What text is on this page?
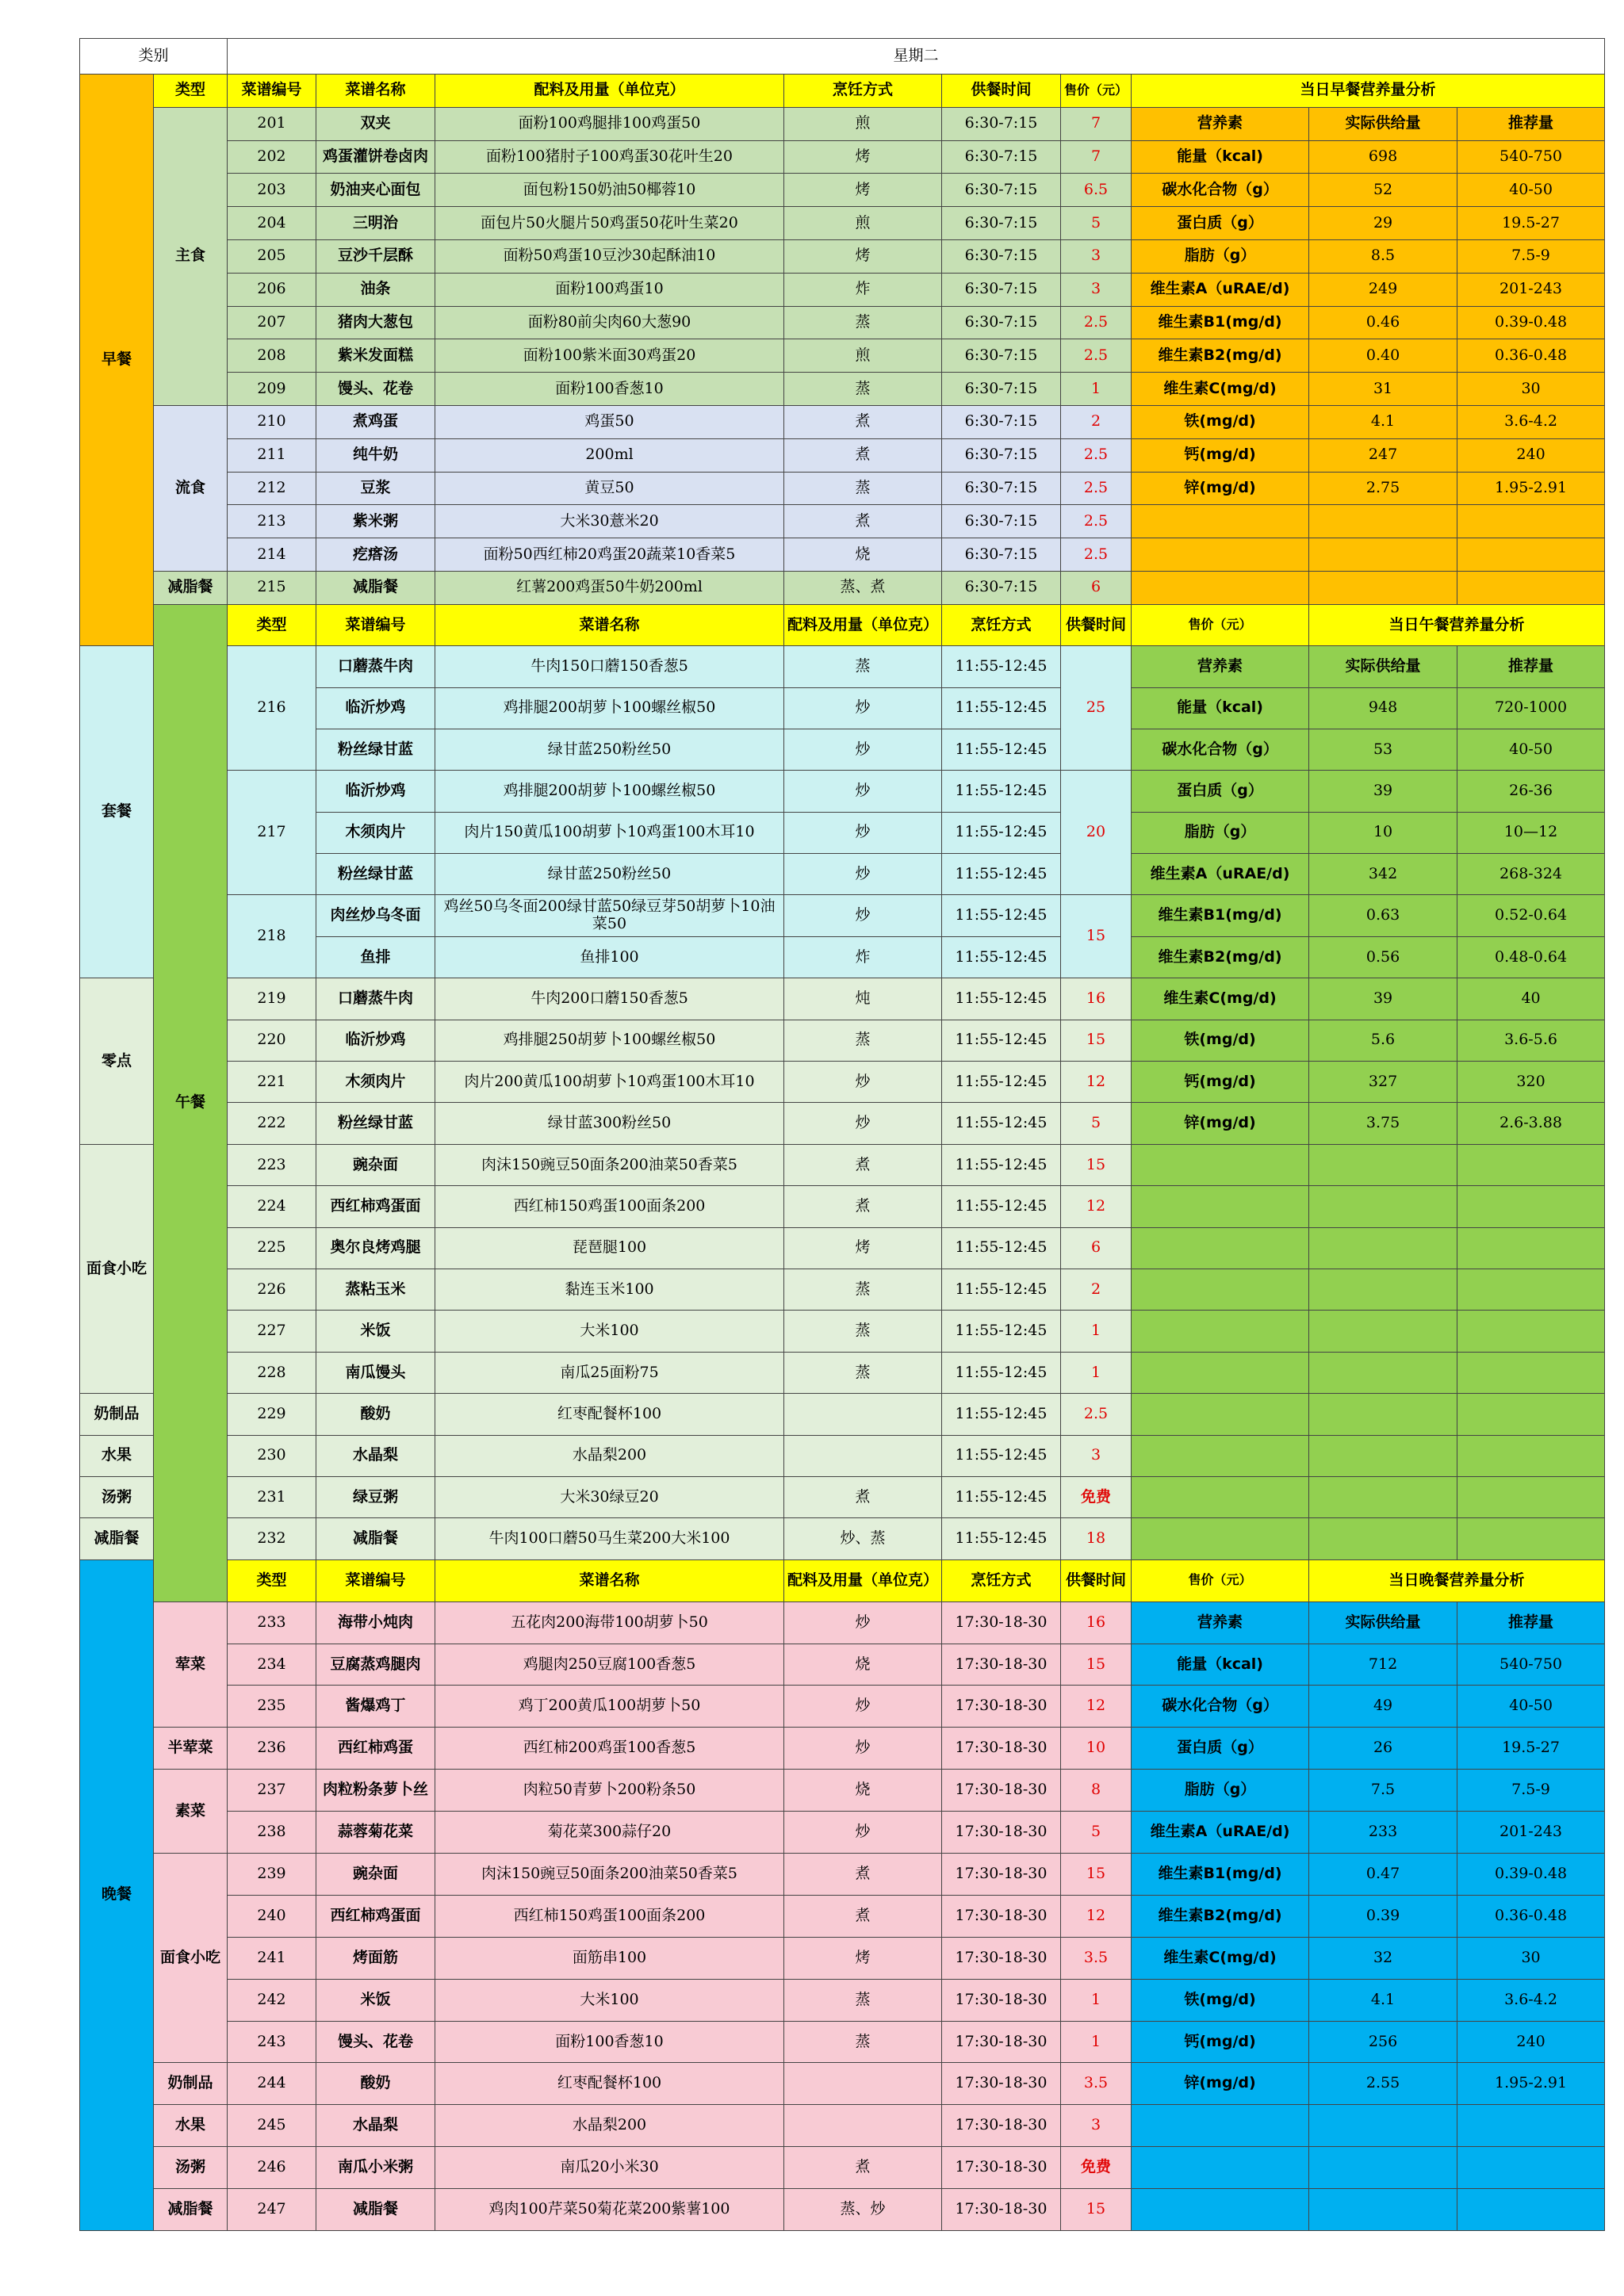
类别		星期二								
早餐	类型	菜谱编号	菜谱名称	配料及用量（单位克）	烹饪方式	供餐时间	售价（元）	当日早餐营养量分析		
	主食	201	双夹	面粉100鸡腿排100鸡蛋50	煎	6:30-7:15	7	营养素	实际供给量	推荐量
		202	鸡蛋灌饼卷卤肉	面粉100猪肘子100鸡蛋30花叶生20	烤	6:30-7:15	7	能量（kcal)	698	540-750
		203	奶油夹心面包	面包粉150奶油50椰蓉10	烤	6:30-7:15	6.5	碳水化合物（g）	52	40-50
		204	三明治	面包片50火腿片50鸡蛋50花叶生菜20	煎	6:30-7:15	5	蛋白质（g）	29	19.5-27
		205	豆沙千层酥	面粉50鸡蛋10豆沙30起酥油10	烤	6:30-7:15	3	脂肪（g）	8.5	7.5-9
		206	油条	面粉100鸡蛋10	炸	6:30-7:15	3	维生素A（uRAE/d)	249	201-243
		207	猪肉大葱包	面粉80前尖肉60大葱90	蒸	6:30-7:15	2.5	维生素B1(mg/d)	0.46	0.39-0.48
		208	紫米发面糕	面粉100紫米面30鸡蛋20	煎	6:30-7:15	2.5	维生素B2(mg/d)	0.40	0.36-0.48
		209	馒头、花卷	面粉100香葱10	蒸	6:30-7:15	1	维生素C(mg/d)	31	30
	流食	210	煮鸡蛋	鸡蛋50	煮	6:30-7:15	2	铁(mg/d)	4.1	3.6-4.2
		211	纯牛奶	200ml	煮	6:30-7:15	2.5	钙(mg/d)	247	240
		212	豆浆	黄豆50	蒸	6:30-7:15	2.5	锌(mg/d)	2.75	1.95-2.91
		213	紫米粥	大米30薏米20	煮	6:30-7:15	2.5			
		214	疙瘩汤	面粉50西红柿20鸡蛋20蔬菜10香菜5	烧	6:30-7:15	2.5			
	减脂餐	215	减脂餐	红薯200鸡蛋50牛奶200ml	蒸、煮	6:30-7:15	6			
	午餐	类型	菜谱编号	菜谱名称	配料及用量（单位克）	烹饪方式	供餐时间	售价（元）	当日午餐营养量分析	
套餐		216	口蘑蒸牛肉	牛肉150口蘑150香葱5	蒸	11:55-12:45	25	营养素	实际供给量	推荐量
			临沂炒鸡	鸡排腿200胡萝卜100螺丝椒50	炒	11:55-12:45		能量（kcal)	948	720-1000
			粉丝绿甘蓝	绿甘蓝250粉丝50	炒	11:55-12:45		碳水化合物（g）	53	40-50
		217	临沂炒鸡	鸡排腿200胡萝卜100螺丝椒50	炒	11:55-12:45	20	蛋白质（g）	39	26-36
			木须肉片	肉片150黄瓜100胡萝卜10鸡蛋100木耳10	炒	11:55-12:45		脂肪（g）	10	10—12
			粉丝绿甘蓝	绿甘蓝250粉丝50	炒	11:55-12:45		维生素A（uRAE/d)	342	268-324
		218	肉丝炒乌冬面	鸡丝50乌冬面200绿甘蓝50绿豆芽50胡萝卜10油菜50	炒	11:55-12:45	15	维生素B1(mg/d)	0.63	0.52-0.64
			鱼排	鱼排100	炸	11:55-12:45		维生素B2(mg/d)	0.56	0.48-0.64
零点		219	口蘑蒸牛肉	牛肉200口蘑150香葱5	炖	11:55-12:45	16	维生素C(mg/d)	39	40
		220	临沂炒鸡	鸡排腿250胡萝卜100螺丝椒50	蒸	11:55-12:45	15	铁(mg/d)	5.6	3.6-5.6
		221	木须肉片	肉片200黄瓜100胡萝卜10鸡蛋100木耳10	炒	11:55-12:45	12	钙(mg/d)	327	320
		222	粉丝绿甘蓝	绿甘蓝300粉丝50	炒	11:55-12:45	5	锌(mg/d)	3.75	2.6-3.88
面食小吃		223	豌杂面	肉沫150豌豆50面条200油菜50香菜5	煮	11:55-12:45	15			
		224	西红柿鸡蛋面	西红柿150鸡蛋100面条200	煮	11:55-12:45	12			
		225	奥尔良烤鸡腿	琵琶腿100	烤	11:55-12:45	6			
		226	蒸粘玉米	黏连玉米100	蒸	11:55-12:45	2			
		227	米饭	大米100	蒸	11:55-12:45	1			
		228	南瓜馒头	南瓜25面粉75	蒸	11:55-12:45	1			
奶制品		229	酸奶	红枣配餐杯100		11:55-12:45	2.5			
水果		230	水晶梨	水晶梨200		11:55-12:45	3			
汤粥		231	绿豆粥	大米30绿豆20	煮	11:55-12:45	免费			
减脂餐		232	减脂餐	牛肉100口蘑50马生菜200大米100	炒、蒸	11:55-12:45	18			
晚餐		类型	菜谱编号	菜谱名称	配料及用量（单位克）	烹饪方式	供餐时间	售价（元）	当日晚餐营养量分析	
	荤菜	233	海带小炖肉	五花肉200海带100胡萝卜50	炒	17:30-18-30	16	营养素	实际供给量	推荐量
		234	豆腐蒸鸡腿肉	鸡腿肉250豆腐100香葱5	烧	17:30-18-30	15	能量（kcal)	712	540-750
		235	酱爆鸡丁	鸡丁200黄瓜100胡萝卜50	炒	17:30-18-30	12	碳水化合物（g）	49	40-50
	半荤菜	236	西红柿鸡蛋	西红柿200鸡蛋100香葱5	炒	17:30-18-30	10	蛋白质（g）	26	19.5-27
	素菜	237	肉粒粉条萝卜丝	肉粒50青萝卜200粉条50	烧	17:30-18-30	8	脂肪（g）	7.5	7.5-9
		238	蒜蓉菊花菜	菊花菜300蒜仔20	炒	17:30-18-30	5	维生素A（uRAE/d)	233	201-243
	面食小吃	239	豌杂面	肉沫150豌豆50面条200油菜50香菜5	煮	17:30-18-30	15	维生素B1(mg/d)	0.47	0.39-0.48
		240	西红柿鸡蛋面	西红柿150鸡蛋100面条200	煮	17:30-18-30	12	维生素B2(mg/d)	0.39	0.36-0.48
		241	烤面筋	面筋串100	烤	17:30-18-30	3.5	维生素C(mg/d)	32	30
		242	米饭	大米100	蒸	17:30-18-30	1	铁(mg/d)	4.1	3.6-4.2
		243	馒头、花卷	面粉100香葱10	蒸	17:30-18-30	1	钙(mg/d)	256	240
	奶制品	244	酸奶	红枣配餐杯100		17:30-18-30	3.5	锌(mg/d)	2.55	1.95-2.91
	水果	245	水晶梨	水晶梨200		17:30-18-30	3			
	汤粥	246	南瓜小米粥	南瓜20小米30	煮	17:30-18-30	免费			
	减脂餐	247	减脂餐	鸡肉100芹菜50菊花菜200紫薯100	蒸、炒	17:30-18-30	15			
